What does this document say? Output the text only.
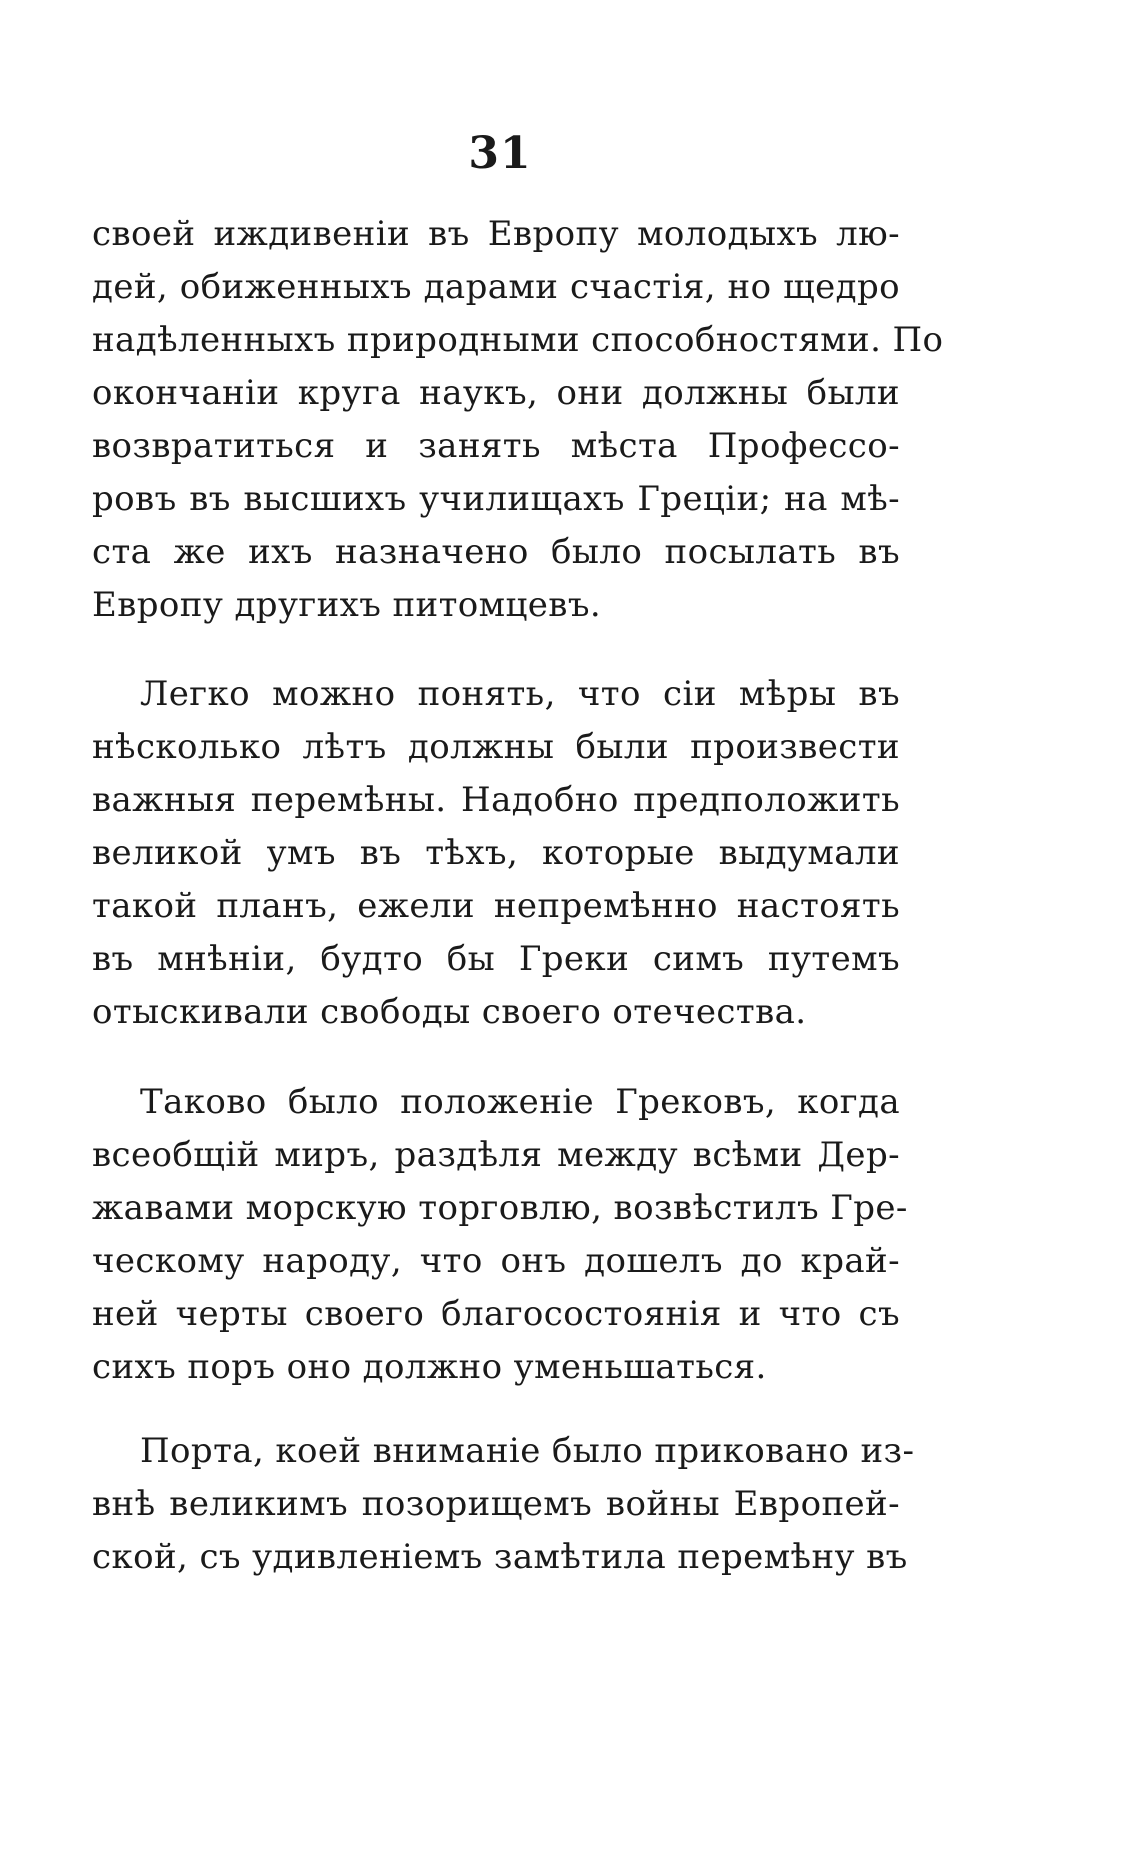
31
своей иждивеніи въ Европу молодыхъ лю-
дей, обиженныхъ дарами счастія, но щедро
надѣленныхъ природными способностями. По
окончаніи круга наукъ, они должны были
возвратиться и занять мѣста Профессо-
ровъ въ высшихъ училищахъ Греціи; на мѣ-
ста же ихъ назначено было посылать въ
Европу другихъ питомцевъ.
Легко можно понять, что сіи мѣры въ
нѣсколько лѣтъ должны были произвести
важныя перемѣны. Надобно предположить
великой умъ въ тѣхъ, которые выдумали
такой планъ, ежели непремѣнно настоять
въ мнѣніи, будто бы Греки симъ путемъ
отыскивали свободы своего отечества.
Таково было положеніе Грековъ, когда
всеобщій миръ, раздѣля между всѣми Дер-
жавами морскую торговлю, возвѣстилъ Гре-
ческому народу, что онъ дошелъ до край-
ней черты своего благосостоянія и что съ
сихъ поръ оно должно уменьшаться.
Порта, коей вниманіе было приковано из-
внѣ великимъ позорищемъ войны Европей-
ской, съ удивленіемъ замѣтила перемѣну въ
